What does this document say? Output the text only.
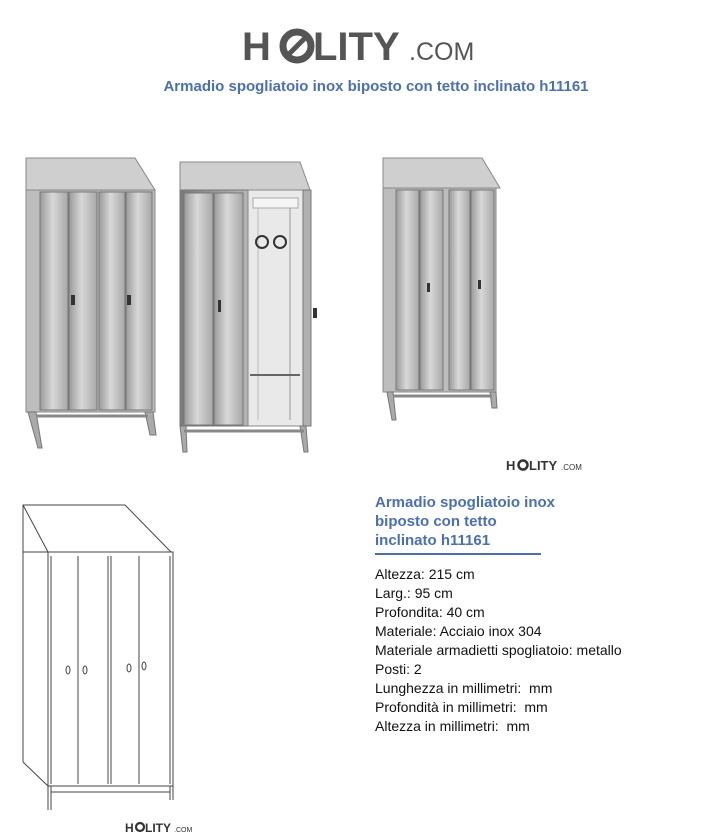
H LITY .COM
Armadio spogliatoio inox biposto con tetto inclinato h11161
H LITY .COM
H LITY .COM
Armadio spogliatoio inox
biposto con tetto
inclinato h11161
Altezza: 215 cm
Larg.: 95 cm
Profondita: 40 cm
Materiale: Acciaio inox 304
Materiale armadietti spogliatoio: metallo
Posti: 2
Lunghezza in millimetri:  mm
Profondità in millimetri:  mm
Altezza in millimetri:  mm
